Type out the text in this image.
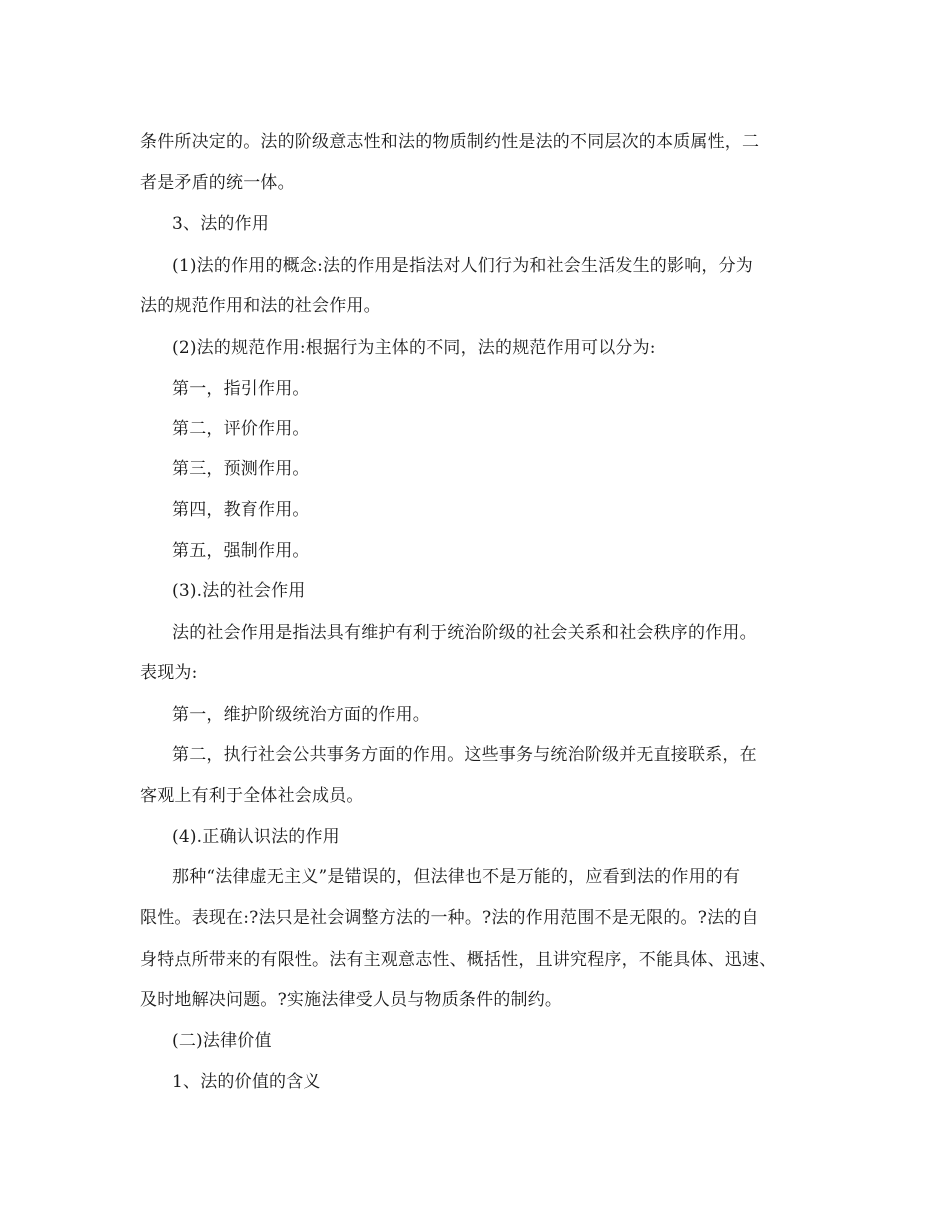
条件所决定的。法的阶级意志性和法的物质制约性是法的不同层次的本质属性，二
者是矛盾的统一体。
3、法的作用
(1)法的作用的概念:法的作用是指法对人们行为和社会生活发生的影响，分为
法的规范作用和法的社会作用。
(2)法的规范作用:根据行为主体的不同，法的规范作用可以分为:
第一，指引作用。
第二，评价作用。
第三，预测作用。
第四，教育作用。
第五，强制作用。
(3).法的社会作用
法的社会作用是指法具有维护有利于统治阶级的社会关系和社会秩序的作用。
表现为:
第一，维护阶级统治方面的作用。
第二，执行社会公共事务方面的作用。这些事务与统治阶级并无直接联系，在
客观上有利于全体社会成员。
(4).正确认识法的作用
那种“法律虚无主义”是错误的，但法律也不是万能的，应看到法的作用的有
限性。表现在:?法只是社会调整方法的一种。?法的作用范围不是无限的。?法的自
身特点所带来的有限性。法有主观意志性、概括性，且讲究程序，不能具体、迅速、
及时地解决问题。?实施法律受人员与物质条件的制约。
(二)法律价值
1、法的价值的含义
